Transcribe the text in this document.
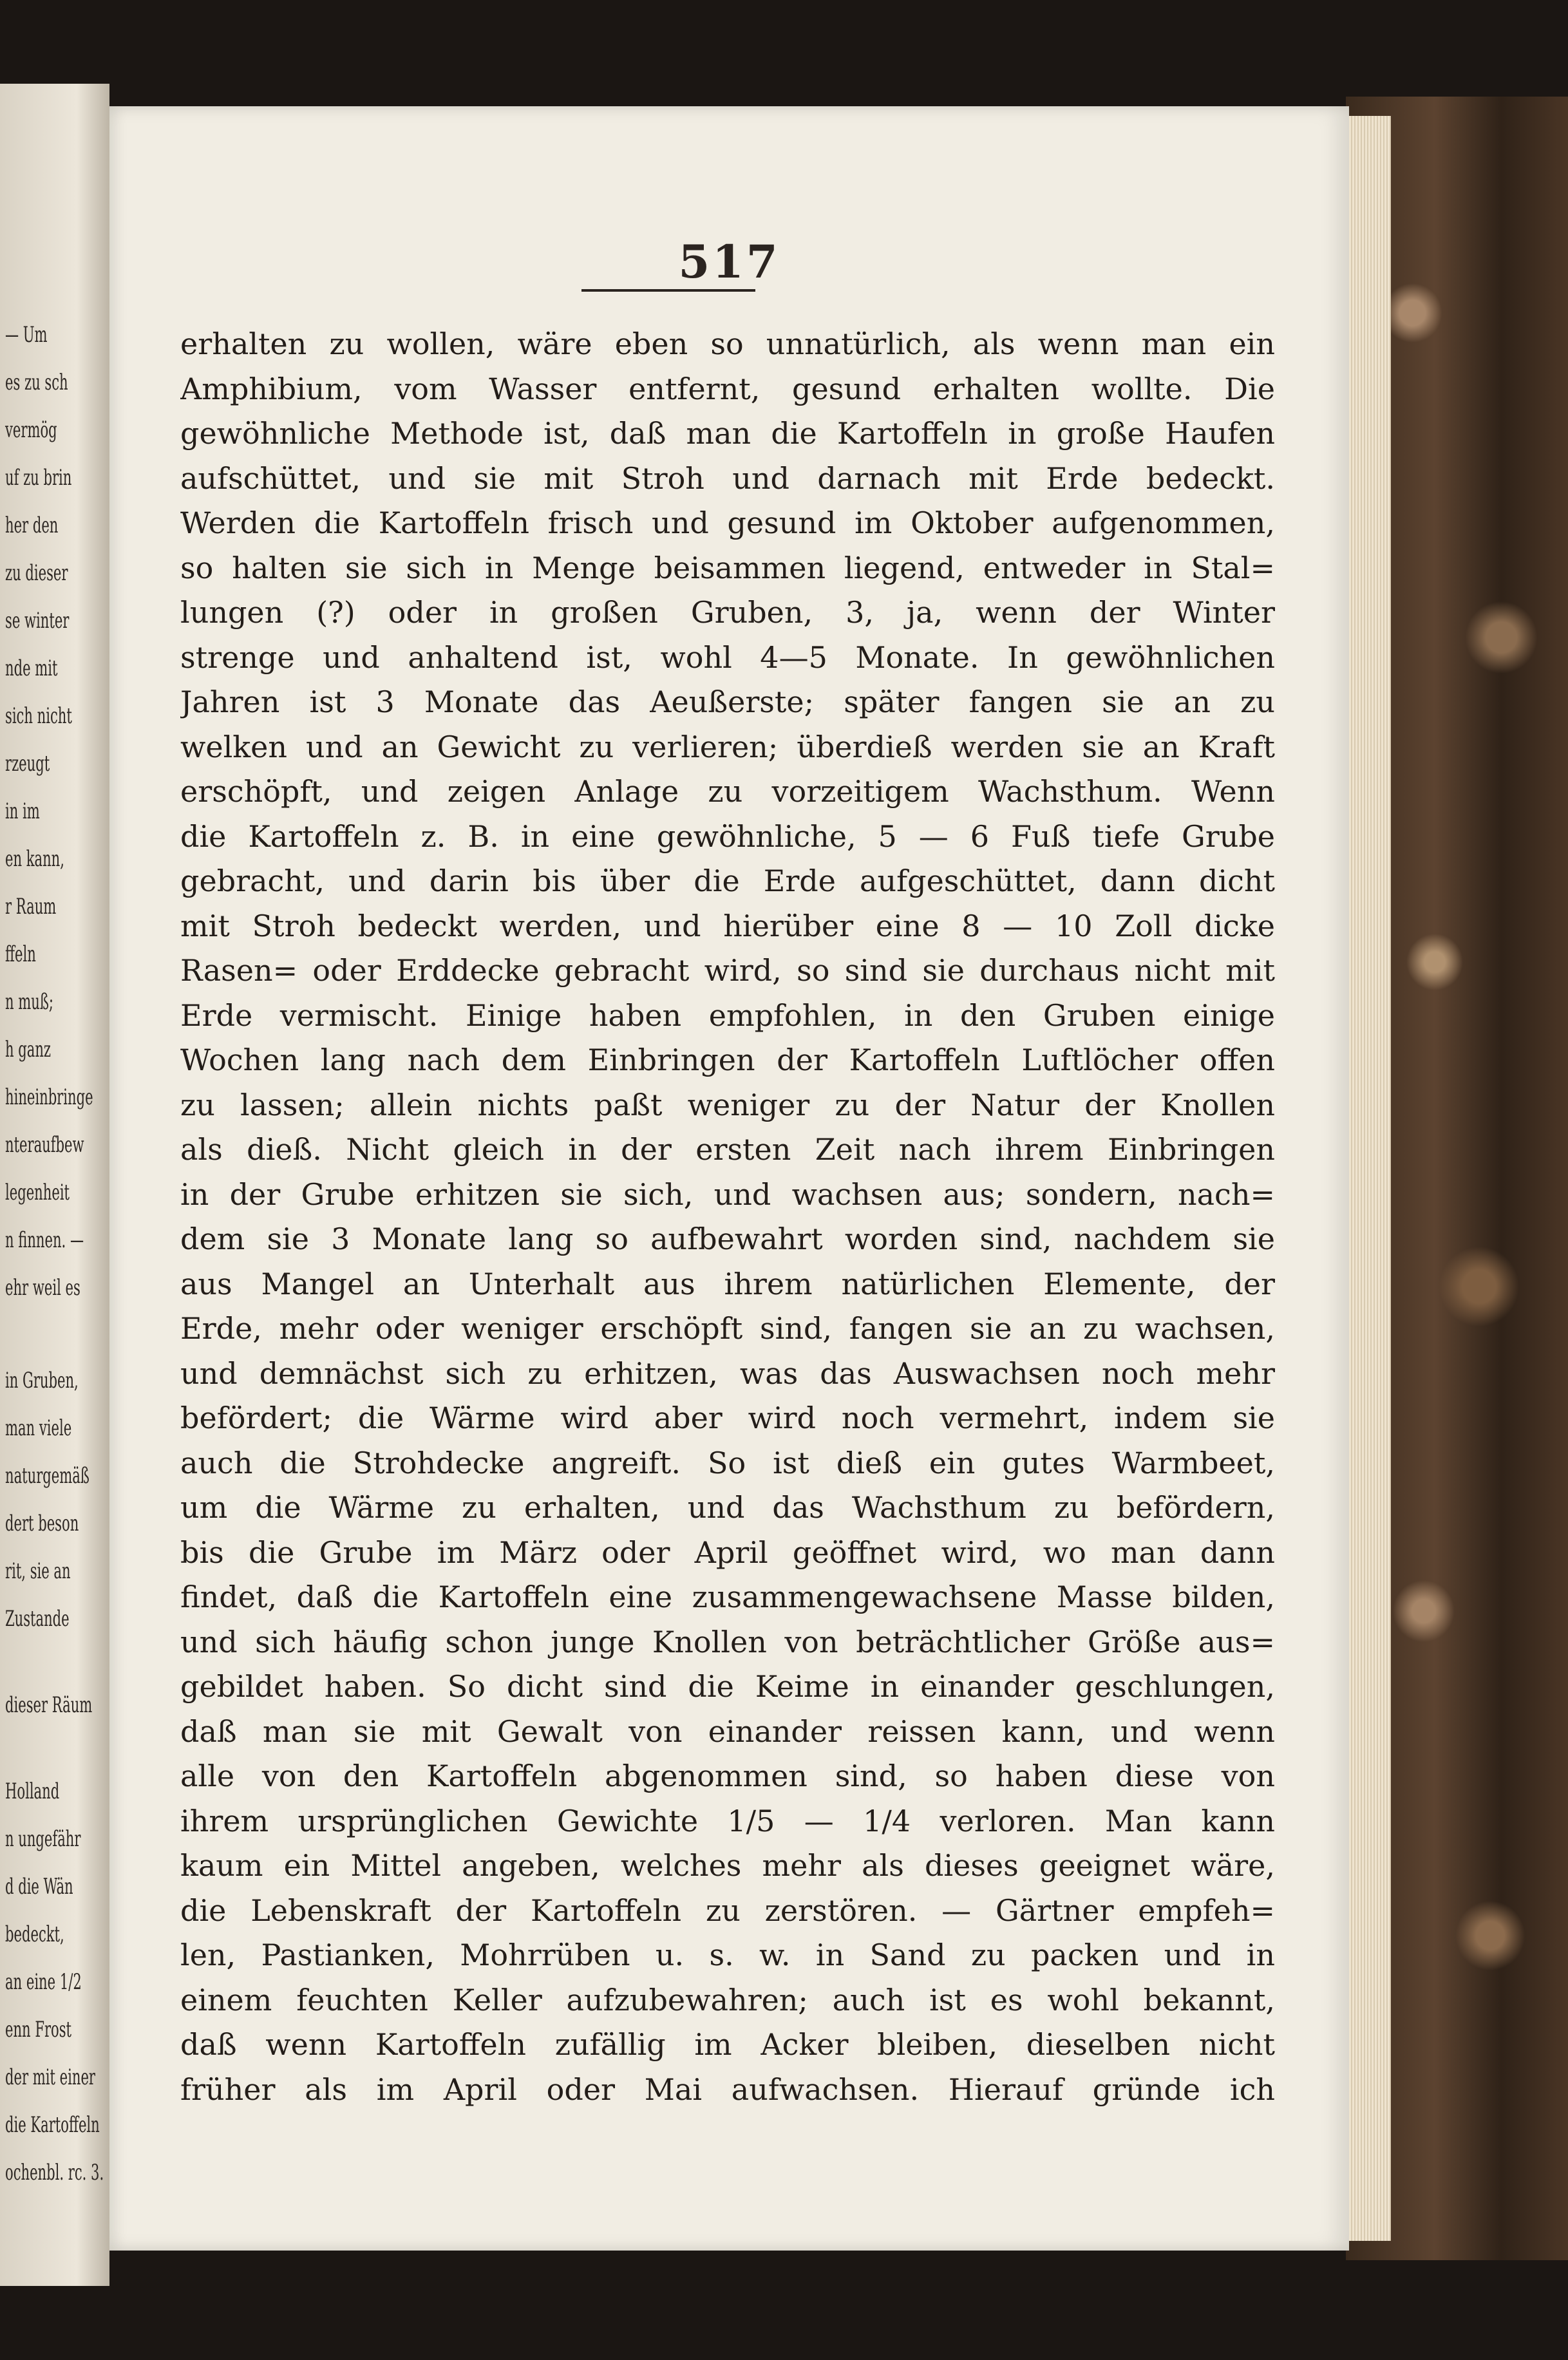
— Um
es zu sch
vermög
uf zu brin
her den
zu dieser
se winter
nde mit
sich nicht
rzeugt
in im
en kann,
r Raum
ffeln
n muß;
h ganz
hineinbringe
nteraufbew
legenheit
n finnen. —
ehr weil es
in Gruben,
man viele
naturgemäß
dert beson
rit, sie an
Zustande
dieser Räum
Holland
n ungefähr
d die Wän
bedeckt,
an eine 1/2
enn Frost
der mit einer
die Kartoffeln
ochenbl. rc. 3.
517
erhalten zu wollen, wäre eben so unnatürlich, als wenn man ein
Amphibium, vom Wasser entfernt, gesund erhalten wollte. Die
gewöhnliche Methode ist, daß man die Kartoffeln in große Haufen
aufschüttet, und sie mit Stroh und darnach mit Erde bedeckt.
Werden die Kartoffeln frisch und gesund im Oktober aufgenommen,
so halten sie sich in Menge beisammen liegend, entweder in Stal=
lungen (?) oder in großen Gruben, 3, ja, wenn der Winter
strenge und anhaltend ist, wohl 4—5 Monate. In gewöhnlichen
Jahren ist 3 Monate das Aeußerste; später fangen sie an zu
welken und an Gewicht zu verlieren; überdieß werden sie an Kraft
erschöpft, und zeigen Anlage zu vorzeitigem Wachsthum. Wenn
die Kartoffeln z. B. in eine gewöhnliche, 5 — 6 Fuß tiefe Grube
gebracht, und darin bis über die Erde aufgeschüttet, dann dicht
mit Stroh bedeckt werden, und hierüber eine 8 — 10 Zoll dicke
Rasen= oder Erddecke gebracht wird, so sind sie durchaus nicht mit
Erde vermischt. Einige haben empfohlen, in den Gruben einige
Wochen lang nach dem Einbringen der Kartoffeln Luftlöcher offen
zu lassen; allein nichts paßt weniger zu der Natur der Knollen
als dieß. Nicht gleich in der ersten Zeit nach ihrem Einbringen
in der Grube erhitzen sie sich, und wachsen aus; sondern, nach=
dem sie 3 Monate lang so aufbewahrt worden sind, nachdem sie
aus Mangel an Unterhalt aus ihrem natürlichen Elemente, der
Erde, mehr oder weniger erschöpft sind, fangen sie an zu wachsen,
und demnächst sich zu erhitzen, was das Auswachsen noch mehr
befördert; die Wärme wird aber wird noch vermehrt, indem sie
auch die Strohdecke angreift. So ist dieß ein gutes Warmbeet,
um die Wärme zu erhalten, und das Wachsthum zu befördern,
bis die Grube im März oder April geöffnet wird, wo man dann
findet, daß die Kartoffeln eine zusammengewachsene Masse bilden,
und sich häufig schon junge Knollen von beträchtlicher Größe aus=
gebildet haben. So dicht sind die Keime in einander geschlungen,
daß man sie mit Gewalt von einander reissen kann, und wenn
alle von den Kartoffeln abgenommen sind, so haben diese von
ihrem ursprünglichen Gewichte 1/5 — 1/4 verloren. Man kann
kaum ein Mittel angeben, welches mehr als dieses geeignet wäre,
die Lebenskraft der Kartoffeln zu zerstören. — Gärtner empfeh=
len, Pastianken, Mohrrüben u. s. w. in Sand zu packen und in
einem feuchten Keller aufzubewahren; auch ist es wohl bekannt,
daß wenn Kartoffeln zufällig im Acker bleiben, dieselben nicht
früher als im April oder Mai aufwachsen. Hierauf gründe ich
